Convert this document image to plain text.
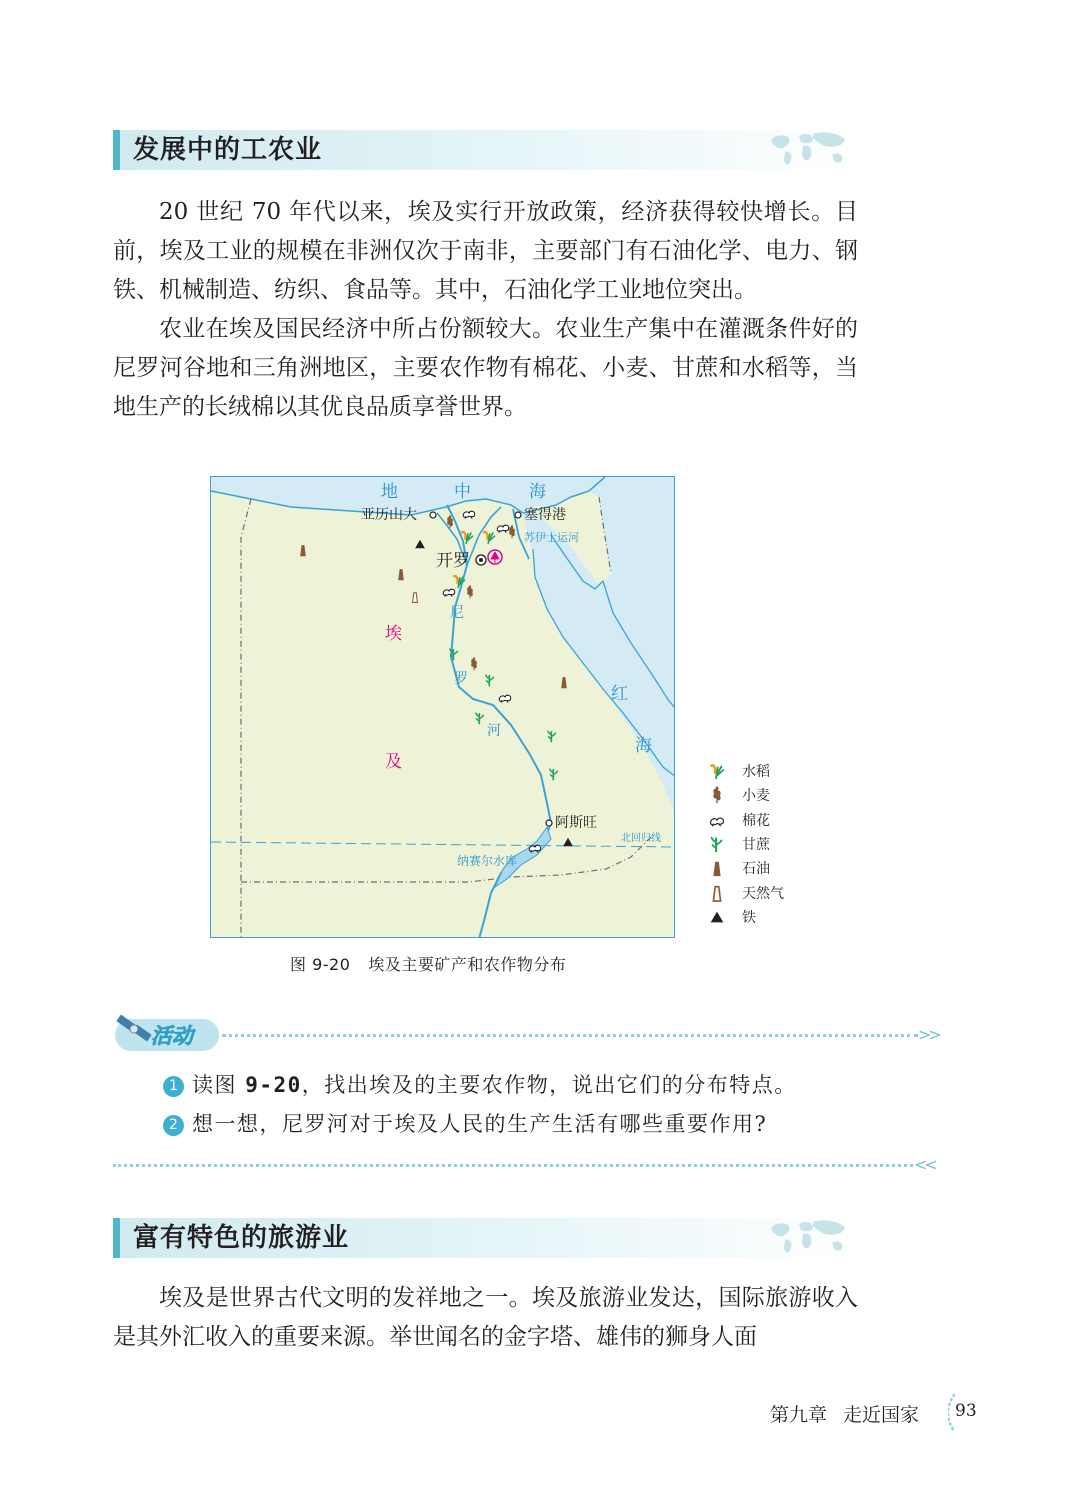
发展中的工农业

20 世纪 70 年代以来，埃及实行开放政策，经济获得较快增长。目前，埃及工业的规模在非洲仅次于南非，主要部门有石油化学、电力、钢铁、机械制造、纺织、食品等。其中，石油化学工业地位突出。

农业在埃及国民经济中所占份额较大。农业生产集中在灌溉条件好的尼罗河谷地和三角洲地区，主要农作物有棉花、小麦、甘蔗和水稻等，当地生产的长绒棉以其优良品质享誉世界。

地	中	海
红
海
埃
及
尼
罗
河
苏伊士运河
北回归线
纳赛尔水库
亚历山大	塞得港
开罗
阿斯旺
水稻
小麦
棉花
甘蔗
石油
天然气
铁
图 9-20 埃及主要矿产和农作物分布
活动	>>
1 读图 9-20，找出埃及的主要农作物，说出它们的分布特点。
2 想一想，尼罗河对于埃及人民的生产生活有哪些重要作用?
<<
富有特色的旅游业

埃及是世界古代文明的发祥地之一。埃及旅游业发达，国际旅游收入是其外汇收入的重要来源。举世闻名的金字塔、雄伟的狮身人面

第九章 走近国家 93
